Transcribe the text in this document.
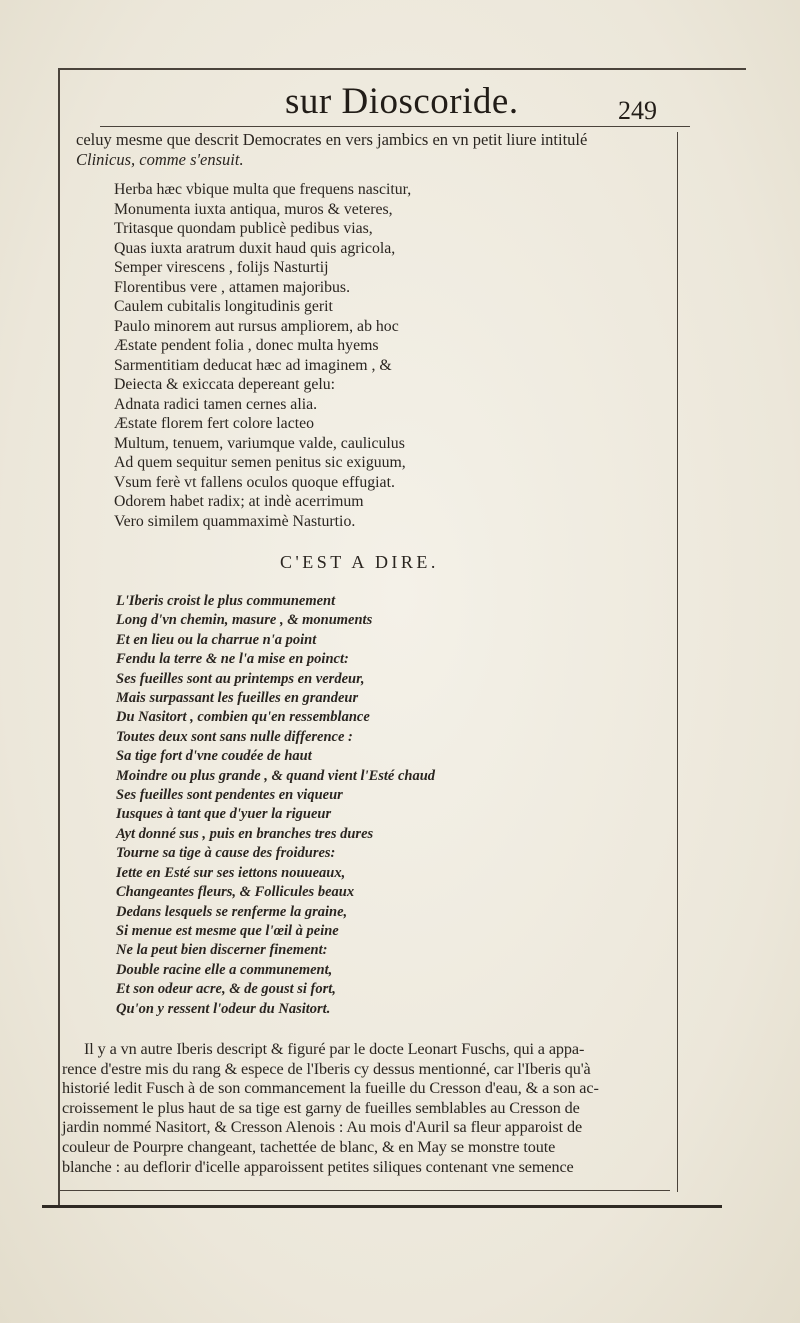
sur Dioscoride.	249

celuy mesme que descrit Democrates en vers jambics en vn petit liure intitulé

Clinicus, comme s'ensuit.

Herba hæc vbique multa que frequens nascitur,

Monumenta iuxta antiqua, muros & veteres,

Tritasque quondam publicè pedibus vias,

Quas iuxta aratrum duxit haud quis agricola,

Semper virescens , folijs Nasturtij

Florentibus vere , attamen majoribus.

Caulem cubitalis longitudinis gerit

Paulo minorem aut rursus ampliorem, ab hoc

Æstate pendent folia , donec multa hyems

Sarmentitiam deducat hæc ad imaginem , &

Deiecta & exiccata depereant gelu:

Adnata radici tamen cernes alia.

Æstate florem fert colore lacteo

Multum, tenuem, variumque valde, cauliculus

Ad quem sequitur semen penitus sic exiguum,

Vsum ferè vt fallens oculos quoque effugiat.

Odorem habet radix; at indè acerrimum

Vero similem quammaximè Nasturtio.

C'EST A DIRE.

L'Iberis croist le plus communement

Long d'vn chemin, masure , & monuments

Et en lieu ou la charrue n'a point

Fendu la terre & ne l'a mise en poinct:

Ses fueilles sont au printemps en verdeur,

Mais surpassant les fueilles en grandeur

Du Nasitort , combien qu'en ressemblance

Toutes deux sont sans nulle difference :

Sa tige fort d'vne coudée de haut

Moindre ou plus grande , & quand vient l'Esté chaud

Ses fueilles sont pendentes en viqueur

Iusques à tant que d'yuer la rigueur

Ayt donné sus , puis en branches tres dures

Tourne sa tige à cause des froidures:

Iette en Esté sur ses iettons nouueaux,

Changeantes fleurs, & Follicules beaux

Dedans lesquels se renferme la graine,

Si menue est mesme que l'œil à peine

Ne la peut bien discerner finement:

Double racine elle a communement,

Et son odeur acre, & de goust si fort,

Qu'on y ressent l'odeur du Nasitort.

Il y a vn autre Iberis descript & figuré par le docte Leonart Fuschs, qui a appa-

rence d'estre mis du rang & espece de l'Iberis cy dessus mentionné, car l'Iberis qu'à

historié ledit Fusch à de son commancement la fueille du Cresson d'eau, & a son ac-

croissement le plus haut de sa tige est garny de fueilles semblables au Cresson de

jardin nommé Nasitort, & Cresson Alenois : Au mois d'Auril sa fleur apparoist de

couleur de Pourpre changeant, tachettée de blanc, & en May se monstre toute

blanche : au deflorir d'icelle apparoissent petites siliques contenant vne semence
